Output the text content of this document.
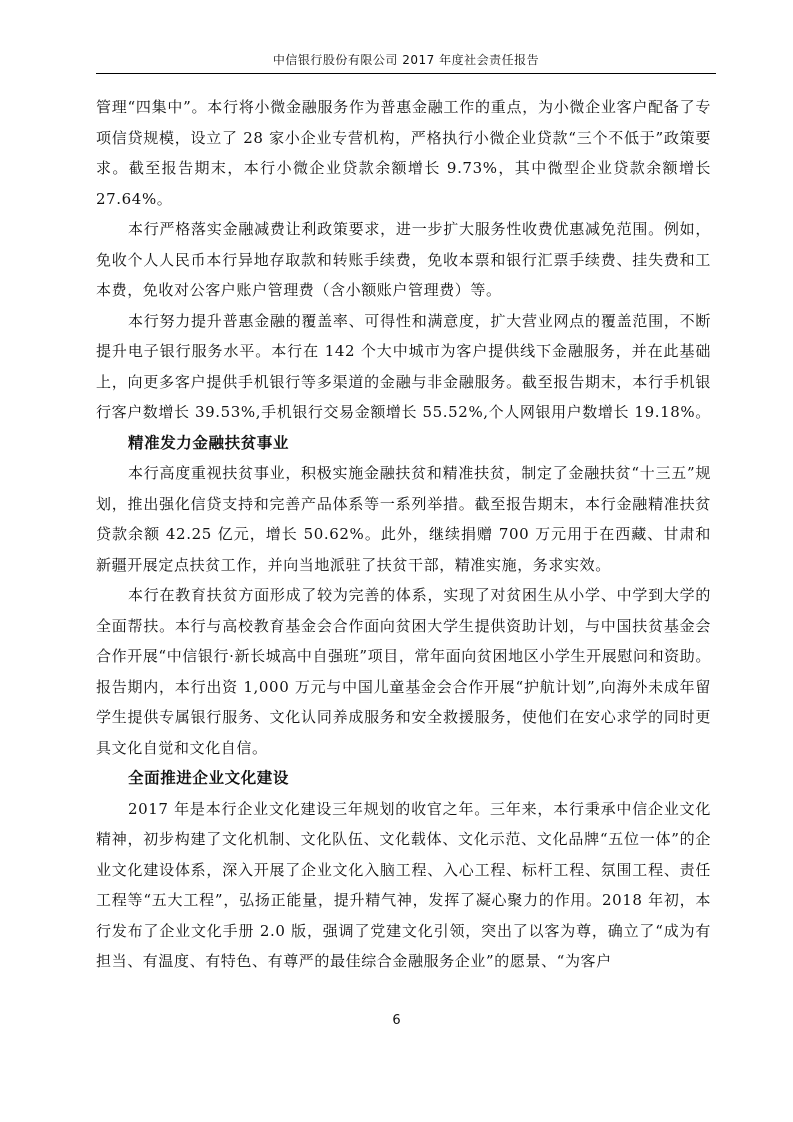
中信银行股份有限公司 2017 年度社会责任报告

管理“四集中”。本行将小微金融服务作为普惠金融工作的重点，为小微企业客户配备了专项信贷规模，设立了 28 家小企业专营机构，严格执行小微企业贷款“三个不低于”政策要求。截至报告期末，本行小微企业贷款余额增长 9.73%，其中微型企业贷款余额增长 27.64%。

本行严格落实金融减费让利政策要求，进一步扩大服务性收费优惠减免范围。例如，免收个人人民币本行异地存取款和转账手续费，免收本票和银行汇票手续费、挂失费和工本费，免收对公客户账户管理费（含小额账户管理费）等。

本行努力提升普惠金融的覆盖率、可得性和满意度，扩大营业网点的覆盖范围，不断提升电子银行服务水平。本行在 142 个大中城市为客户提供线下金融服务，并在此基础上，向更多客户提供手机银行等多渠道的金融与非金融服务。截至报告期末，本行手机银行客户数增长 39.53%,手机银行交易金额增长 55.52%,个人网银用户数增长 19.18%。

精准发力金融扶贫事业

本行高度重视扶贫事业，积极实施金融扶贫和精准扶贫，制定了金融扶贫“十三五”规划，推出强化信贷支持和完善产品体系等一系列举措。截至报告期末，本行金融精准扶贫贷款余额 42.25 亿元，增长 50.62%。此外，继续捐赠 700 万元用于在西藏、甘肃和新疆开展定点扶贫工作，并向当地派驻了扶贫干部，精准实施，务求实效。

本行在教育扶贫方面形成了较为完善的体系，实现了对贫困生从小学、中学到大学的全面帮扶。本行与高校教育基金会合作面向贫困大学生提供资助计划，与中国扶贫基金会合作开展“中信银行·新长城高中自强班”项目，常年面向贫困地区小学生开展慰问和资助。报告期内，本行出资 1,000 万元与中国儿童基金会合作开展“护航计划”,向海外未成年留学生提供专属银行服务、文化认同养成服务和安全救援服务，使他们在安心求学的同时更具文化自觉和文化自信。

全面推进企业文化建设

2017 年是本行企业文化建设三年规划的收官之年。三年来，本行秉承中信企业文化精神，初步构建了文化机制、文化队伍、文化载体、文化示范、文化品牌“五位一体”的企业文化建设体系，深入开展了企业文化入脑工程、入心工程、标杆工程、氛围工程、责任工程等“五大工程”，弘扬正能量，提升精气神，发挥了凝心聚力的作用。2018 年初，本行发布了企业文化手册 2.0 版，强调了党建文化引领，突出了以客为尊，确立了“成为有担当、有温度、有特色、有尊严的最佳综合金融服务企业”的愿景、“为客户

6
